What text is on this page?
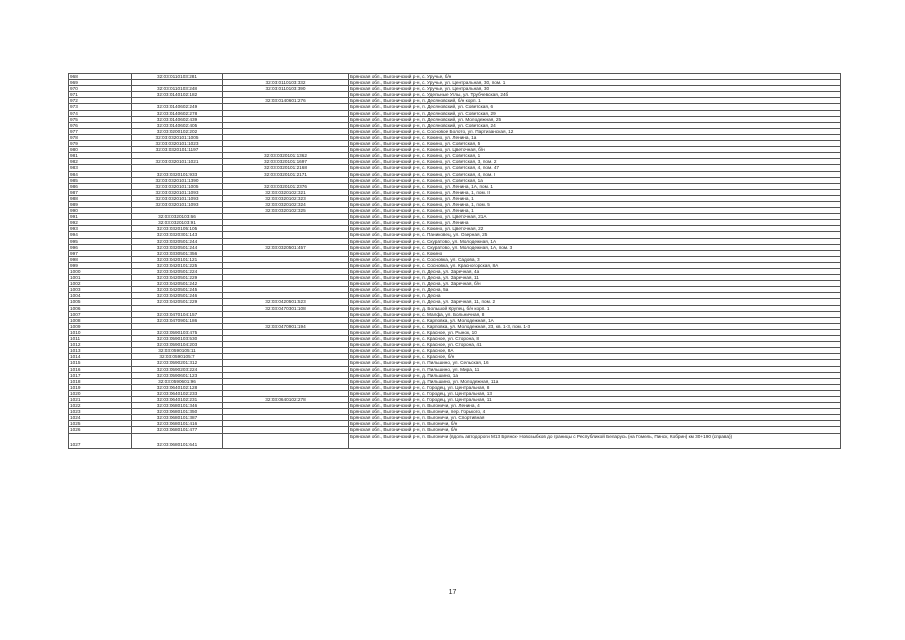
968	32:03:0110103:281		Брянская обл., Выгоничский р-н, с. Уручье, б/н
969		32:03:0110103:332	Брянская обл., Выгоничский р-н, с. Уручье, ул. Центральная, 30, пом. 1
970	32:03:0110103:248	32:03:0110103:390	Брянская обл., Выгоничский р-н, с. Уручье, ул. Центральная, 30
971	32:03:0140102:182		Брянская обл., Выгоничский р-н, с. Удельные Углы, ул. Трубчевская, 24б
972		32:03:0140601:276	Брянская обл., Выгоничский р-н, п. Десяновский, б/н корп. 1
973	32:03:0140602:249		Брянская обл., Выгоничский р-н, п. Десяновский, ул. Советская, 6
974	32:03:0140602:278		Брянская обл., Выгоничский р-н, п. Десяновский, ул. Советская, 29
975	32:03:0140602:439		Брянская обл., Выгоничский р-н, п. Десяновский, ул. Молодежная, 25
976	32:03:0140602:405		Брянская обл., Выгоничский р-н, п. Десяновский, ул. Советская, 24
977	32:03:0200102:202		Брянская обл., Выгоничский р-н, с. Сосновое Болото, ул. Партизанская, 12
978	32:03:0320101:1005		Брянская обл., Выгоничский р-н, с. Кокино, ул. Ленина, 1а
979	32:03:0320101:1023		Брянская обл., Выгоничский р-н, с. Кокино, ул. Советская, 5
980	32:03:0320101:1197		Брянская обл., Выгоничский р-н, с. Кокино, ул. Цветочная, б/н
981		32:03:0320101:1362	Брянская обл., Выгоничский р-н, с. Кокино, ул. Советская, 1
982	32:03:0320101:1021	32:03:0320101:1697	Брянская обл., Выгоничский р-н, с. Кокино, ул. Советская, 3, пом. 2
983		32:03:0320101:2168	Брянская обл., Выгоничский р-н, с. Кокино, ул. Советская, 4, пом. 47
984	32:03:0320101:933	32:03:0320101:2171	Брянская обл., Выгоничский р-н, с. Кокино, ул. Советская, 4, пом. I
985	32:03:0320101:1390		Брянская обл., Выгоничский р-н, с. Кокино, ул. Советская, 1а
986	32:03:0320101:1005	32:03:0320101:2376	Брянская обл., Выгоничский р-н, с. Кокино, ул. Ленина, 1А, пом. 1
987	32:03:0320101:1093	32:03:0320102:321	Брянская обл., Выгоничский р-н, с. Кокино, ул. Ленина, 1, пом. II
988	32:03:0320101:1093	32:03:0320102:323	Брянская обл., Выгоничский р-н, с. Кокино, ул. Ленина, 1
989	32:03:0320101:1093	32:03:0320102:324	Брянская обл., Выгоничский р-н, с. Кокино, ул. Ленина, 1, пом. 5
990		32:03:0320102:325	Брянская обл., Выгоничский р-н, с. Кокино, ул. Ленина, 1
991	32:03:0320103:66		Брянская обл., Выгоничский р-н, с. Кокино, ул. Цветочная, 21А
992	32:03:0320103:91		Брянская обл., Выгоничский р-н, с. Кокино, ул. Ленина
993	32:03:0320105:105		Брянская обл., Выгоничский р-н, с. Кокино, ул. Цветочная, 22
994	32:03:0320301:143		Брянская обл., Выгоничский р-н, с. Паниковец, ул. Озерная, 25
995	32:03:0320501:244		Брянская обл., Выгоничский р-н, с. Скуратово, ул. Молодежная, 1А
996	32:03:0320501:244	32:03:0320501:457	Брянская обл., Выгоничский р-н, с. Скуратово, ул. Молодежная, 1А, пом. 3
997	32:03:0330501:356		Брянская обл., Выгоничский р-н, с. Кокино
998	32:03:0420101:121		Брянская обл., Выгоничский р-н, с. Сосновка, ул. Садова, 3
999	32:03:0420101:225		Брянская обл., Выгоничский р-н, с. Сосновка, ул. Красногорская, 8А
1000	32:03:0420501:224		Брянская обл., Выгоничский р-н, п. Десна, ул. Заречная, 4а
1001	32:03:0420501:229		Брянская обл., Выгоничский р-н, п. Десна, ул. Заречная, 11
1002	32:03:0420501:242		Брянская обл., Выгоничский р-н, п. Десна, ул. Заречная, б/н
1003	32:03:0420501:245		Брянская обл., Выгоничский р-н, п. Десна, 5а
1004	32:03:0420501:246		Брянская обл., Выгоничский р-н, п. Десна
1005	32:03:0420501:229	32:03:0420501:523	Брянская обл., Выгоничский р-н, п. Десна, ул. Заречная, 11, пом. 2
1006		32:03:0470301:108	Брянская обл., Выгоничский р-н, д. Большой Крупец, б/н корп. 1
1007	32:03:0470104:157		Брянская обл., Выгоничский р-н, с. Малфа, ул. Больничная, 8
1008	32:03:0470901:186		Брянская обл., Выгоничский р-н, с. Карповка, ул. Молодежная, 1А
1009		32:03:0470901:194	Брянская обл., Выгоничский р-н, с. Карповка, ул. Молодежная, 23, кв. 1-3, пом. 1-3
1010	32:03:0590103:475		Брянская обл., Выгоничский р-н, с. Красное, ул. Рынок, 10
1011	32:03:0590103:530		Брянская обл., Выгоничский р-н, с. Красное, ул. Сторона, 8
1012	32:03:0590104:203		Брянская обл., Выгоничский р-н, с. Красное, ул. Сторона, 41
1013	32:03:0590105:11		Брянская обл., Выгоничский р-н, с. Красное, 8А
1014	32:03:0590105:7		Брянская обл., Выгоничский р-н, с. Красное, б/н
1015	32:03:0590201:312		Брянская обл., Выгоничский р-н, п. Пильшино, ул. Сельская, 16
1016	32:03:0590203:224		Брянская обл., Выгоничский р-н, п. Пильшино, ул. Мира, 11
1017	32:03:0590601:123		Брянская обл., Выгоничский р-н, д. Пильшино, 1а
1018	32:03:0590601:96		Брянская обл., Выгоничский р-н, д. Пильшино, ул. Молодежная, 11а
1019	32:03:0640102:128		Брянская обл., Выгоничский р-н, с. Городец, ул. Центральная, 8
1020	32:03:0640102:233		Брянская обл., Выгоничский р-н, с. Городец, ул. Центральная, 13
1021	32:03:0640102:231	32:03:0640102:278	Брянская обл., Выгоничский р-н, с. Городец, ул. Центральная, 11
1022	32:03:0680101:346		Брянская обл., Выгоничский р-н, п. Выгоничи, ул. Ленина, 4
1023	32:03:0680101:350		Брянская обл., Выгоничский р-н, п. Выгоничи, пер. Горького, 4
1024	32:03:0680101:387		Брянская обл., Выгоничский р-н, п. Выгоничи, ул. Спортивная
1025	32:03:0680101:416		Брянская обл., Выгоничский р-н, п. Выгоничи, б/н
1026	32:03:0680101:477		Брянская обл., Выгоничский р-н, п. Выгоничи, б/н
1027	32:03:0680101:641		Брянская обл., Выгоничский р-н, п. Выгоничи (вдоль автодороги М13 Брянск- Новозыбков до границы с Республикой Беларусь (на Гомель, Пинск, Кобрин) км 30+190 (справа))
17
